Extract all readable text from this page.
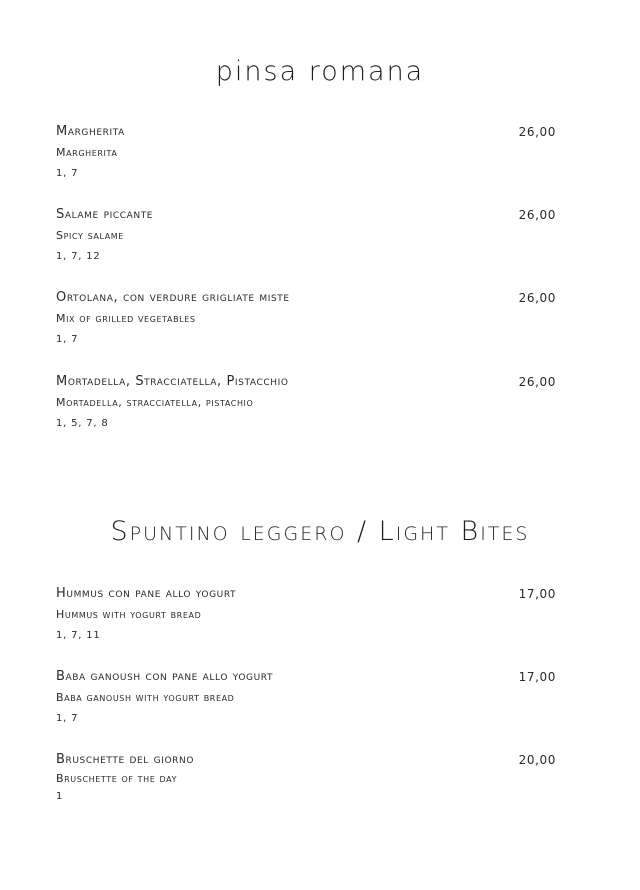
pinsa romana
Margherita	26,00
Margherita
1, 7
Salame piccante	26,00
Spicy salame
1, 7, 12
Ortolana, con verdure grigliate miste	26,00
Mix of grilled vegetables
1, 7
Mortadella, Stracciatella, Pistacchio	26,00
Mortadella, stracciatella, pistachio
1, 5, 7, 8
Spuntino leggero / Light Bites
Hummus con pane allo yogurt	17,00
Hummus with yogurt bread
1, 7, 11
Baba ganoush con pane allo yogurt	17,00
Baba ganoush with yogurt bread
1, 7
Bruschette del giorno	20,00
Bruschette of the day
1
